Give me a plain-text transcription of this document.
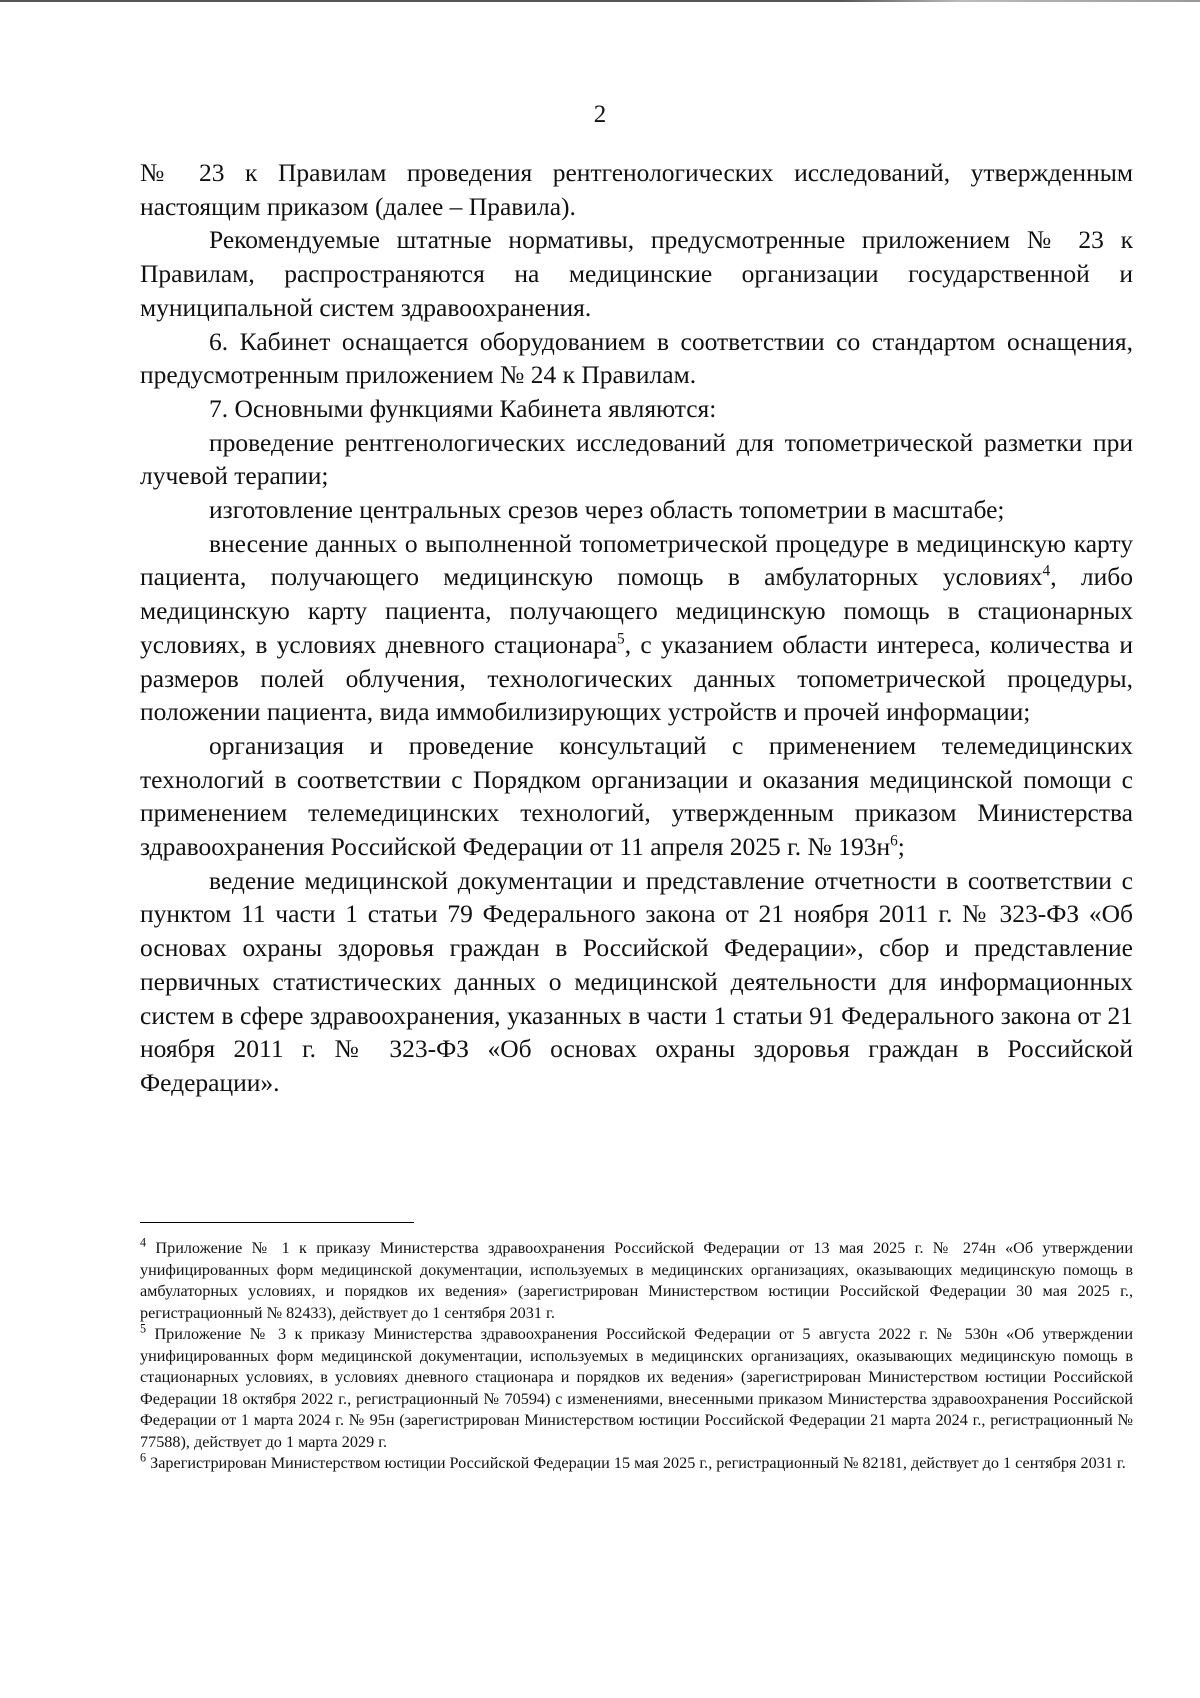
2

№ 23 к Правилам проведения рентгенологических исследований, утвержденным настоящим приказом (далее – Правила).

Рекомендуемые штатные нормативы, предусмотренные приложением № 23 к Правилам, распространяются на медицинские организации государственной и муниципальной систем здравоохранения.

6. Кабинет оснащается оборудованием в соответствии со стандартом оснащения, предусмотренным приложением № 24 к Правилам.

7. Основными функциями Кабинета являются:

проведение рентгенологических исследований для топометрической разметки при лучевой терапии;

изготовление центральных срезов через область топометрии в масштабе;

внесение данных о выполненной топометрической процедуре в медицинскую карту пациента, получающего медицинскую помощь в амбулаторных условиях$^4$, либо медицинскую карту пациента, получающего медицинскую помощь в стационарных условиях, в условиях дневного стационара$^5$, с указанием области интереса, количества и размеров полей облучения, технологических данных топометрической процедуры, положении пациента, вида иммобилизирующих устройств и прочей информации;

организация и проведение консультаций с применением телемедицинских технологий в соответствии с Порядком организации и оказания медицинской помощи с применением телемедицинских технологий, утвержденным приказом Министерства здравоохранения Российской Федерации от 11 апреля 2025 г. № $193н^6$;

ведение медицинской документации и представление отчетности в соответствии с пунктом 11 части 1 статьи 79 Федерального закона от 21 ноября 2011 г. № 323-ФЗ «Об основах охраны здоровья граждан в Российской Федерации», сбор и представление первичных статистических данных о медицинской деятельности для информационных систем в сфере здравоохранения, указанных в части 1 статьи 91 Федерального закона от 21 ноября 2011 г. № 323-ФЗ «Об основах охраны здоровья граждан в Российской Федерации».

$^4$ Приложение № 1 к приказу Министерства здравоохранения Российской Федерации от 13 мая 2025 г. № 274н «Об утверждении унифицированных форм медицинской документации, используемых в медицинских организациях, оказывающих медицинскую помощь в амбулаторных условиях, и порядков их ведения» (зарегистрирован Министерством юстиции Российской Федерации 30 мая 2025 г., регистрационный № 82433), действует до 1 сентября 2031 г.

$^5$ Приложение № 3 к приказу Министерства здравоохранения Российской Федерации от 5 августа 2022 г. № 530н «Об утверждении унифицированных форм медицинской документации, используемых в медицинских организациях, оказывающих медицинскую помощь в стационарных условиях, в условиях дневного стационара и порядков их ведения» (зарегистрирован Министерством юстиции Российской Федерации 18 октября 2022 г., регистрационный № 70594) с изменениями, внесенными приказом Министерства здравоохранения Российской Федерации от 1 марта 2024 г. № 95н (зарегистрирован Министерством юстиции Российской Федерации 21 марта 2024 г., регистрационный № 77588), действует до 1 марта 2029 г.

$^6$ Зарегистрирован Министерством юстиции Российской Федерации 15 мая 2025 г., регистрационный № 82181, действует до 1 сентября 2031 г.
